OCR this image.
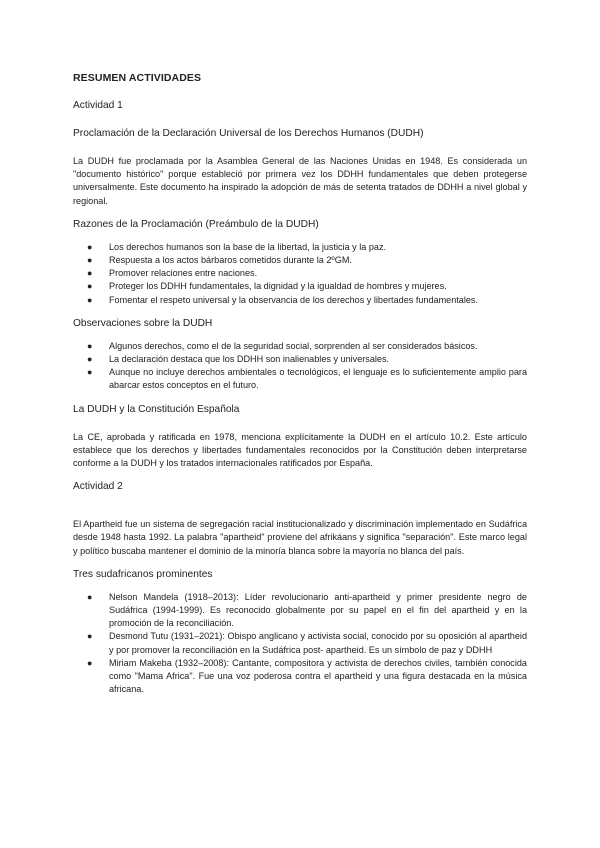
RESUMEN ACTIVIDADES
Actividad 1
Proclamación de la Declaración Universal de los Derechos Humanos (DUDH)
La DUDH fue proclamada por la Asamblea General de las Naciones Unidas en 1948. Es considerada un "documento histórico" porque estableció por primera vez los DDHH fundamentales que deben protegerse universalmente. Este documento ha inspirado la adopción de más de setenta tratados de DDHH a nivel global y regional.
Razones de la Proclamación (Preámbulo de la DUDH)
● Los derechos humanos son la base de la libertad, la justicia y la paz.
● Respuesta a los actos bárbaros cometidos durante la 2ºGM.
● Promover relaciones entre naciones.
● Proteger los DDHH fundamentales, la dignidad y la igualdad de hombres y mujeres.
● Fomentar el respeto universal y la observancia de los derechos y libertades fundamentales.
Observaciones sobre la DUDH
● Algunos derechos, como el de la seguridad social, sorprenden al ser considerados básicos.
● La declaración destaca que los DDHH son inalienables y universales.
● Aunque no incluye derechos ambientales o tecnológicos, el lenguaje es lo suficientemente amplio para abarcar estos conceptos en el futuro.
La DUDH y la Constitución Española
La CE, aprobada y ratificada en 1978, menciona explícitamente la DUDH en el artículo 10.2. Este artículo establece que los derechos y libertades fundamentales reconocidos por la Constitución deben interpretarse conforme a la DUDH y los tratados internacionales ratificados por España.
Actividad 2
El Apartheid fue un sistema de segregación racial institucionalizado y discriminación implementado en Sudáfrica desde 1948 hasta 1992. La palabra "apartheid" proviene del afrikáans y significa "separación". Este marco legal y político buscaba mantener el dominio de la minoría blanca sobre la mayoría no blanca del país.
Tres sudafricanos prominentes
● Nelson Mandela (1918–2013): Líder revolucionario anti-apartheid y primer presidente negro de Sudáfrica (1994-1999). Es reconocido globalmente por su papel en el fin del apartheid y en la promoción de la reconciliación.
● Desmond Tutu (1931–2021): Obispo anglicano y activista social, conocido por su oposición al apartheid y por promover la reconciliación en la Sudáfrica post- apartheid. Es un símbolo de paz y DDHH
● Miriam Makeba (1932–2008): Cantante, compositora y activista de derechos civiles, también conocida como "Mama Africa". Fue una voz poderosa contra el apartheid y una figura destacada en la música africana.
